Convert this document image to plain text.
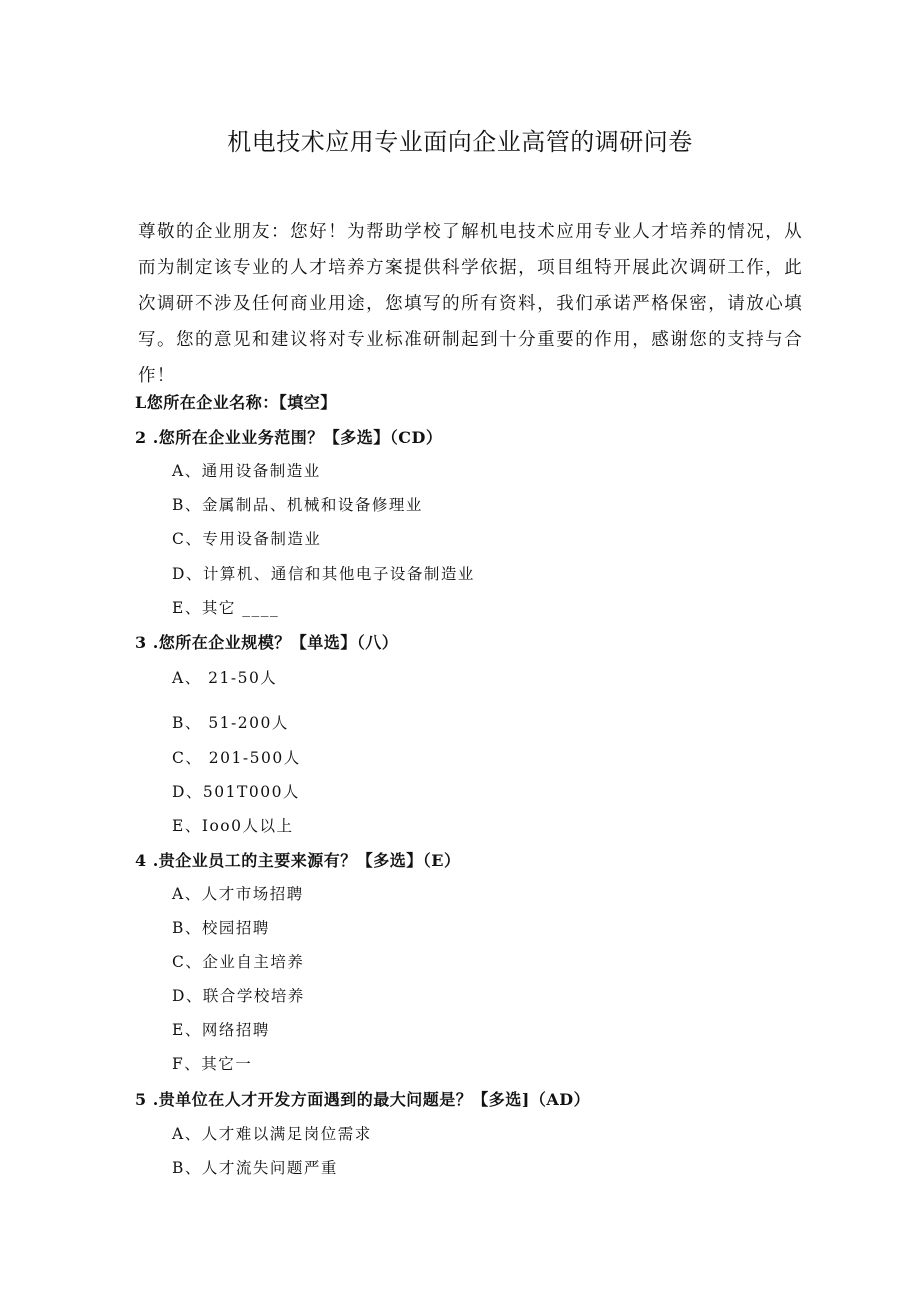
机电技术应用专业面向企业高管的调研问卷
尊敬的企业朋友：您好！为帮助学校了解机电技术应用专业人才培养的情况，从而为制定该专业的人才培养方案提供科学依据，项目组特开展此次调研工作，此次调研不涉及任何商业用途，您填写的所有资料，我们承诺严格保密，请放心填写。您的意见和建议将对专业标准研制起到十分重要的作用，感谢您的支持与合作！
L您所在企业名称：【填空】
2 .您所在企业业务范围？【多选】（CD）
A、通用设备制造业
B、金属制品、机械和设备修理业
C、专用设备制造业
D、计算机、通信和其他电子设备制造业
E、其它 ____
3 .您所在企业规模？【单选】（八）
A、 21-50人
B、 51-200人
C、 201-500人
D、501T000人
E、Ioo0人以上
4 .贵企业员工的主要来源有？【多选】（E）
A、人才市场招聘
B、校园招聘
C、企业自主培养
D、联合学校培养
E、网络招聘
F、其它一
5 .贵单位在人才开发方面遇到的最大问题是？【多选]（AD）
A、人才难以满足岗位需求
B、人才流失问题严重
